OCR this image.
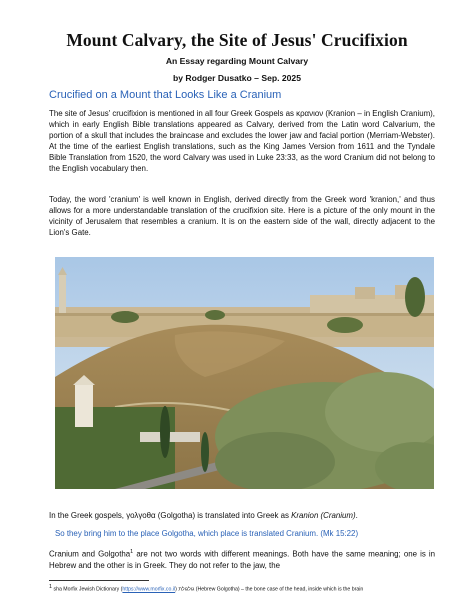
Mount Calvary, the Site of Jesus' Crucifixion
An Essay regarding Mount Calvary
by Rodger Dusatko – Sep. 2025
Crucified on a Mount that Looks Like a Cranium
The site of Jesus' crucifixion is mentioned in all four Greek Gospels as κρανιον (Kranion – in English Cranium), which in early English Bible translations appeared as Calvary, derived from the Latin word Calvarium, the portion of a skull that includes the braincase and excludes the lower jaw and facial portion (Merriam-Webster). At the time of the earliest English translations, such as the King James Version from 1611 and the Tyndale Bible Translation from 1520, the word Calvary was used in Luke 23:33, as the word Cranium did not belong to the English vocabulary then.
Today, the word 'cranium' is well known in English, derived directly from the Greek word 'kranion,' and thus allows for a more understandable translation of the crucifixion site. Here is a picture of the only mount in the vicinity of Jerusalem that resembles a cranium. It is on the eastern side of the wall, directly adjacent to the Lion's Gate.
In the Greek gospels, γολγοθα (Golgotha) is translated into Greek as Kranion (Cranium).
So they bring him to the place Golgotha, which place is translated Cranium. (Mk 15:22)
Cranium and Golgotha$^1$ are not two words with different meanings. Both have the same meaning; one is in Hebrew and the other is in Greek. They do not refer to the jaw, the
1 sha Morfix Jewish Dictionary (https://www.morfix.co.il) גולגולת (Hebrew Golgotha) – the bone case of the head, inside which is the brain
